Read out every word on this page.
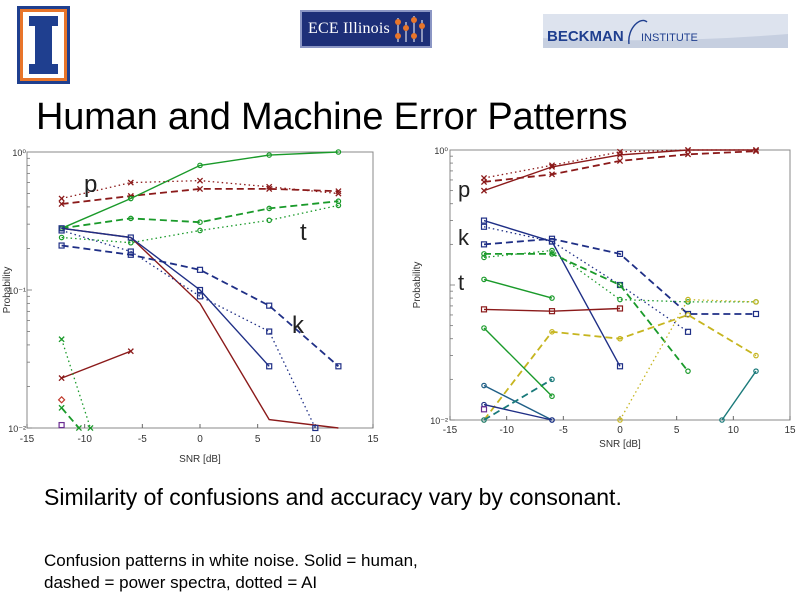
ECE Illinois	BECKMAN INSTITUTE
Human and Machine Error Patterns
-15	-10	-5	0	5	10	15
10⁻²
10⁻¹
10⁰
SNR [dB]
Probability
p
t
k
-15	-10	-5	0	5	10	15
10⁻²
10⁰
SNR [dB]
Probability
p
k
t
Similarity of confusions and accuracy vary by consonant.
Confusion patterns in white noise. Solid = human,
dashed = power spectra, dotted = AI
